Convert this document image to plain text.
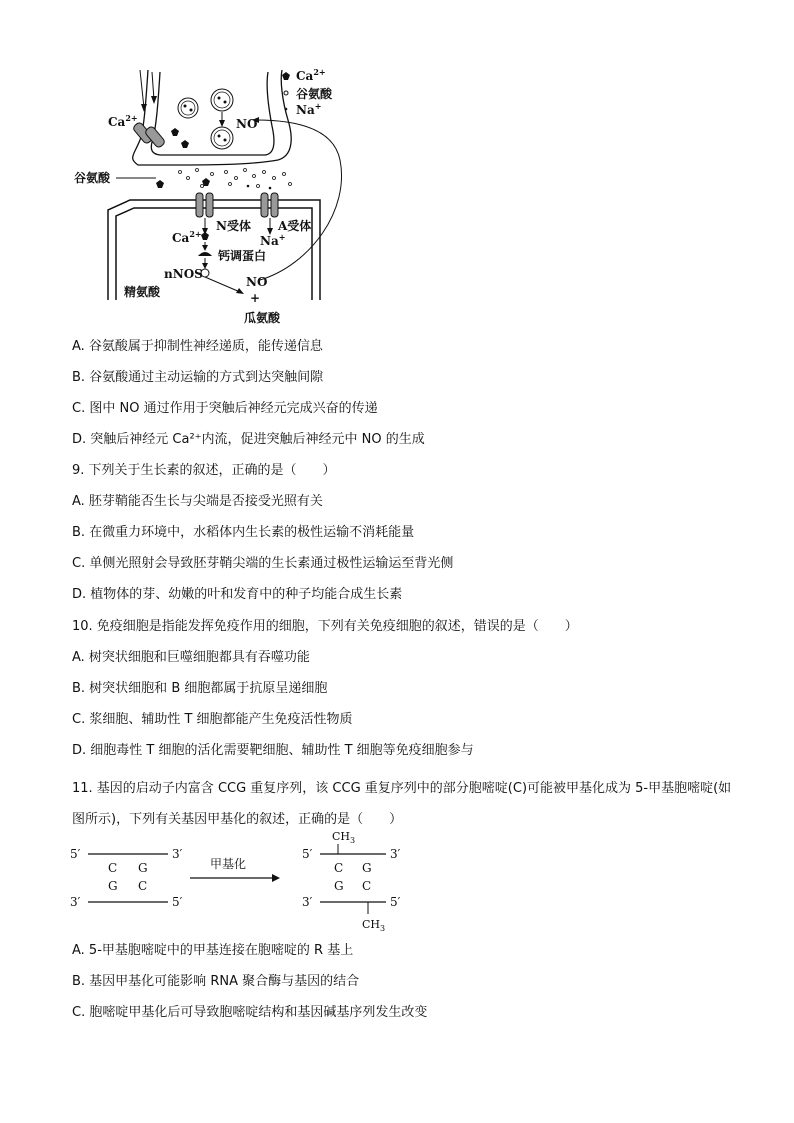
$Ca^{2+}$
谷氨酸
Na+
$Ca^{2+}$
谷氨酸
NO
N受体 A受体
$Ca^{2+}$	Na+
钙调蛋白
nNOS
精氨酸
NO
+
瓜氨酸
A. 谷氨酸属于抑制性神经递质，能传递信息
B. 谷氨酸通过主动运输的方式到达突触间隙
C. 图中 NO 通过作用于突触后神经元完成兴奋的传递
D. 突触后神经元 Ca²⁺内流，促进突触后神经元中 NO 的生成
9. 下列关于生长素的叙述，正确的是（　　）
A. 胚芽鞘能否生长与尖端是否接受光照有关
B. 在微重力环境中，水稻体内生长素的极性运输不消耗能量
C. 单侧光照射会导致胚芽鞘尖端的生长素通过极性运输运至背光侧
D. 植物体的芽、幼嫩的叶和发育中的种子均能合成生长素
10. 免疫细胞是指能发挥免疫作用的细胞，下列有关免疫细胞的叙述，错误的是（　　）
A. 树突状细胞和巨噬细胞都具有吞噬功能
B. 树突状细胞和 B 细胞都属于抗原呈递细胞
C. 浆细胞、辅助性 T 细胞都能产生免疫活性物质
D. 细胞毒性 T 细胞的活化需要靶细胞、辅助性 T 细胞等免疫细胞参与
11. 基因的启动子内富含 CCG 重复序列，该 CCG 重复序列中的部分胞嘧啶(C)可能被甲基化成为 5-甲基胞嘧啶(如图所示)，下列有关基因甲基化的叙述，正确的是（　　）
5′	3′
C G
G C
3′	5′
甲基化
$CH_3$
5′	3′
C G
G C
3′	5′
$CH_3$
A. 5-甲基胞嘧啶中的甲基连接在胞嘧啶的 R 基上
B. 基因甲基化可能影响 RNA 聚合酶与基因的结合
C. 胞嘧啶甲基化后可导致胞嘧啶结构和基因碱基序列发生改变
